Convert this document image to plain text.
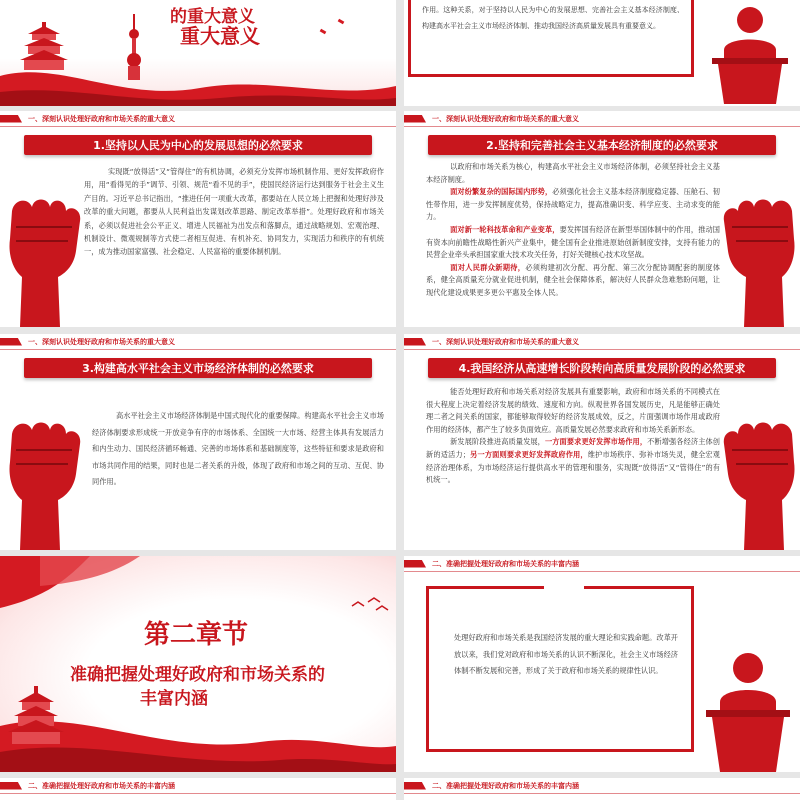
的重大意义
重大意义
作用。这种关系，对于坚持以人民为中心的发展思想、完善社会主义基本经济制度、构建高水平社会主义市场经济体制、推动我国经济高质量发展具有重要意义。
一、深刻认识处理好政府和市场关系的重大意义
1.坚持以人民为中心的发展思想的必然要求
实现既“放得活”又“管得住”的有机协调，必须充分发挥市场机制作用、更好发挥政府作用，用“看得见的手”调节、引领、规范“看不见的手”，使国民经济运行达到服务于社会主义生产目的。习近平总书记指出，“推进任何一项重大改革，都要站在人民立场上把握和处理好涉及改革的重大问题，都要从人民利益出发谋划改革思路、制定改革举措”。处理好政府和市场关系，必须以促进社会公平正义、增进人民福祉为出发点和落脚点，通过战略规划、宏观治理、机制设计、微观规制等方式使二者相互促进、有机补充、协同发力，实现活力和秩序的有机统一，成为推动国家富强、社会稳定、人民富裕的重要体制机制。
一、深刻认识处理好政府和市场关系的重大意义
2.坚持和完善社会主义基本经济制度的必然要求
以政府和市场关系为核心，构建高水平社会主义市场经济体制，必须坚持社会主义基本经济制度。
面对纷繁复杂的国际国内形势，必须强化社会主义基本经济制度稳定器、压舱石、韧性带作用，进一步发挥制度优势，保持战略定力，提高准确识变、科学应变、主动求变的能力。
面对新一轮科技革命和产业变革，要发挥国有经济在新型举国体制中的作用，推动国有资本向前瞻性战略性新兴产业集中，健全国有企业推进原始创新制度安排，支持有能力的民营企业牵头承担国家重大技术攻关任务，打好关键核心技术攻坚战。
面对人民群众新期待，必须构建初次分配、再分配、第三次分配协调配套的制度体系，健全高质量充分就业促进机制，健全社会保障体系，解决好人民群众急难愁盼问题，让现代化建设成果更多更公平惠及全体人民。
一、深刻认识处理好政府和市场关系的重大意义
3.构建高水平社会主义市场经济体制的必然要求
高水平社会主义市场经济体制是中国式现代化的重要保障。构建高水平社会主义市场经济体制要求形成统一开放竞争有序的市场体系、全国统一大市场、经营主体具有发展活力和内生动力、国民经济循环畅通、完善的市场体系和基础制度等，这些特征和要求是政府和市场共同作用的结果，同时也是二者关系的升级，体现了政府和市场之间的互动、互促、协同作用。
一、深刻认识处理好政府和市场关系的重大意义
4.我国经济从高速增长阶段转向高质量发展阶段的必然要求
能否处理好政府和市场关系对经济发展具有重要影响，政府和市场关系的不同模式在很大程度上决定着经济发展的绩效、速度和方向。纵观世界各国发展历史，凡是能够正确处理二者之间关系的国家，都能够取得较好的经济发展成效，反之，片面强调市场作用或政府作用的经济体，都产生了较多负面效应。高质量发展必然要求政府和市场关系新形态。
新发展阶段推进高质量发展，一方面要求更好发挥市场作用，不断增强各经济主体创新的适活力；另一方面则要求更好发挥政府作用，维护市场秩序、弥补市场失灵，健全宏观经济治理体系，为市场经济运行提供高水平的管理和服务，实现既“放得活”又“管得住”的有机统一。
第二章节
准确把握处理好政府和市场关系的
丰富内涵
二、准确把握处理好政府和市场关系的丰富内涵
处理好政府和市场关系是我国经济发展的重大理论和实践命题。改革开放以来，我们党对政府和市场关系的认识不断深化，社会主义市场经济体制不断发展和完善，形成了关于政府和市场关系的规律性认识。
二、准确把握处理好政府和市场关系的丰富内涵	二、准确把握处理好政府和市场关系的丰富内涵
